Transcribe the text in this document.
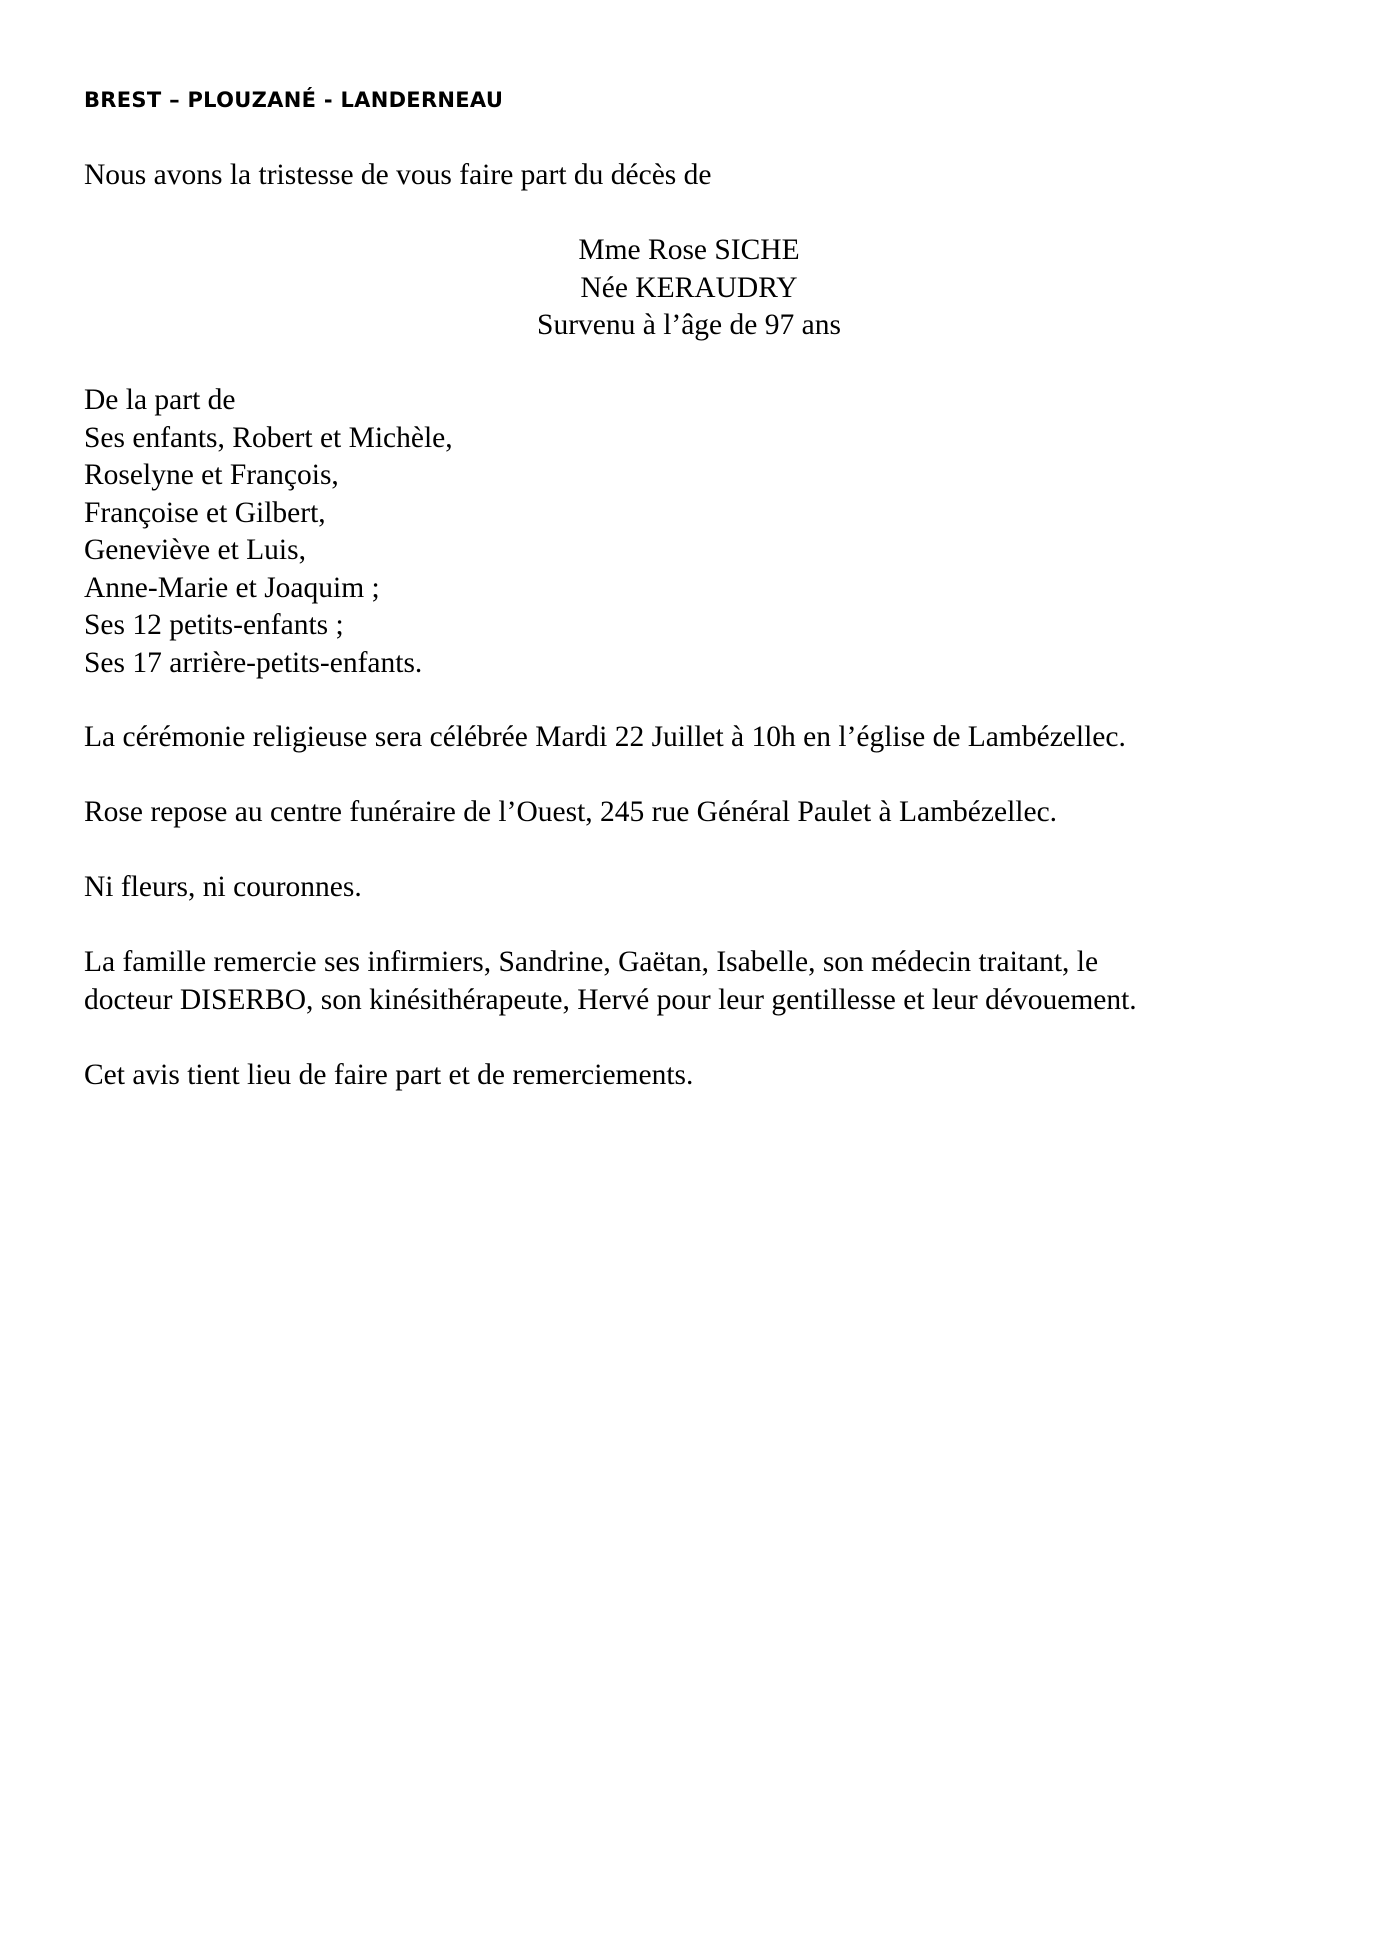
BREST – PLOUZANÉ - LANDERNEAU
Nous avons la tristesse de vous faire part du décès de
Mme Rose SICHE
Née KERAUDRY
Survenu à l’âge de 97 ans
De la part de
Ses enfants, Robert et Michèle,
Roselyne et François,
Françoise et Gilbert,
Geneviève et Luis,
Anne-Marie et Joaquim ;
Ses 12 petits-enfants ;
Ses 17 arrière-petits-enfants.
La cérémonie religieuse sera célébrée Mardi 22 Juillet à 10h en l’église de Lambézellec.
Rose repose au centre funéraire de l’Ouest, 245 rue Général Paulet à Lambézellec.
Ni fleurs, ni couronnes.
La famille remercie ses infirmiers, Sandrine, Gaëtan, Isabelle, son médecin traitant, le
docteur DISERBO, son kinésithérapeute, Hervé pour leur gentillesse et leur dévouement.
Cet avis tient lieu de faire part et de remerciements.
